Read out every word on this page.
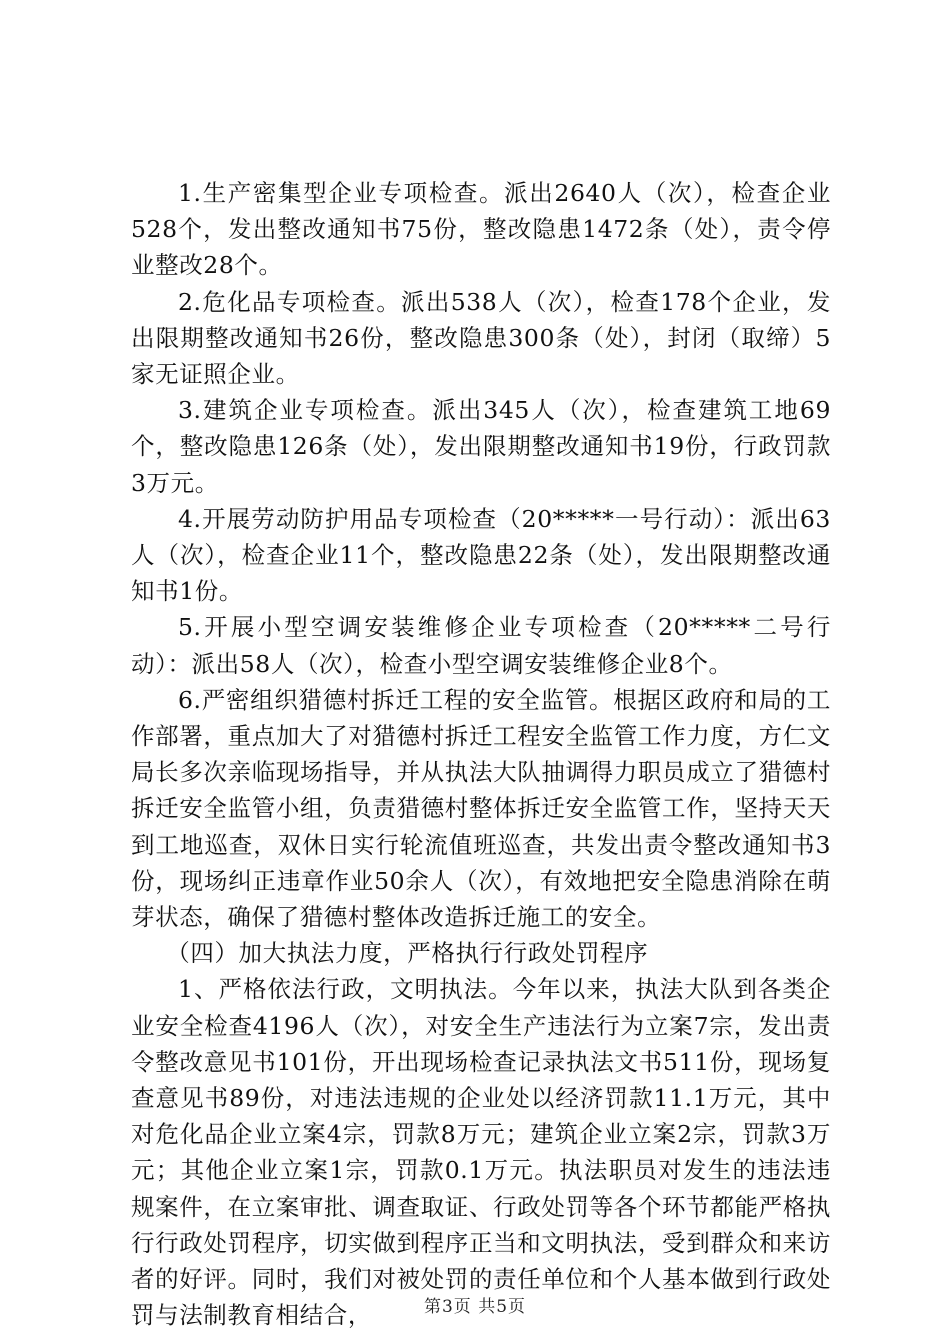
1.生产密集型企业专项检查。派出2640人（次），检查企业528个，发出整改通知书75份，整改隐患1472条（处），责令停业整改28个。

2.危化品专项检查。派出538人（次），检查178个企业，发出限期整改通知书26份，整改隐患300条（处），封闭（取缔）5家无证照企业。

3.建筑企业专项检查。派出345人（次），检查建筑工地69个，整改隐患126条（处），发出限期整改通知书19份，行政罚款3万元。

4.开展劳动防护用品专项检查（20*****一号行动）：派出63人（次），检查企业11个，整改隐患22条（处），发出限期整改通知书1份。

5.开展小型空调安装维修企业专项检查（20*****二号行动）：派出58人（次），检查小型空调安装维修企业8个。

6.严密组织猎德村拆迁工程的安全监管。根据区政府和局的工作部署，重点加大了对猎德村拆迁工程安全监管工作力度，方仁文局长多次亲临现场指导，并从执法大队抽调得力职员成立了猎德村拆迁安全监管小组，负责猎德村整体拆迁安全监管工作，坚持天天到工地巡查，双休日实行轮流值班巡查，共发出责令整改通知书3份，现场纠正违章作业50余人（次），有效地把安全隐患消除在萌芽状态，确保了猎德村整体改造拆迁施工的安全。

（四）加大执法力度，严格执行行政处罚程序

1、严格依法行政，文明执法。今年以来，执法大队到各类企业安全检查4196人（次），对安全生产违法行为立案7宗，发出责令整改意见书101份，开出现场检查记录执法文书511份，现场复查意见书89份，对违法违规的企业处以经济罚款11.1万元，其中对危化品企业立案4宗，罚款8万元；建筑企业立案2宗，罚款3万元；其他企业立案1宗，罚款0.1万元。执法职员对发生的违法违规案件，在立案审批、调查取证、行政处罚等各个环节都能严格执行行政处罚程序，切实做到程序正当和文明执法，受到群众和来访者的好评。同时，我们对被处罚的责任单位和个人基本做到行政处罚与法制教育相结合，	第3页 共5页
